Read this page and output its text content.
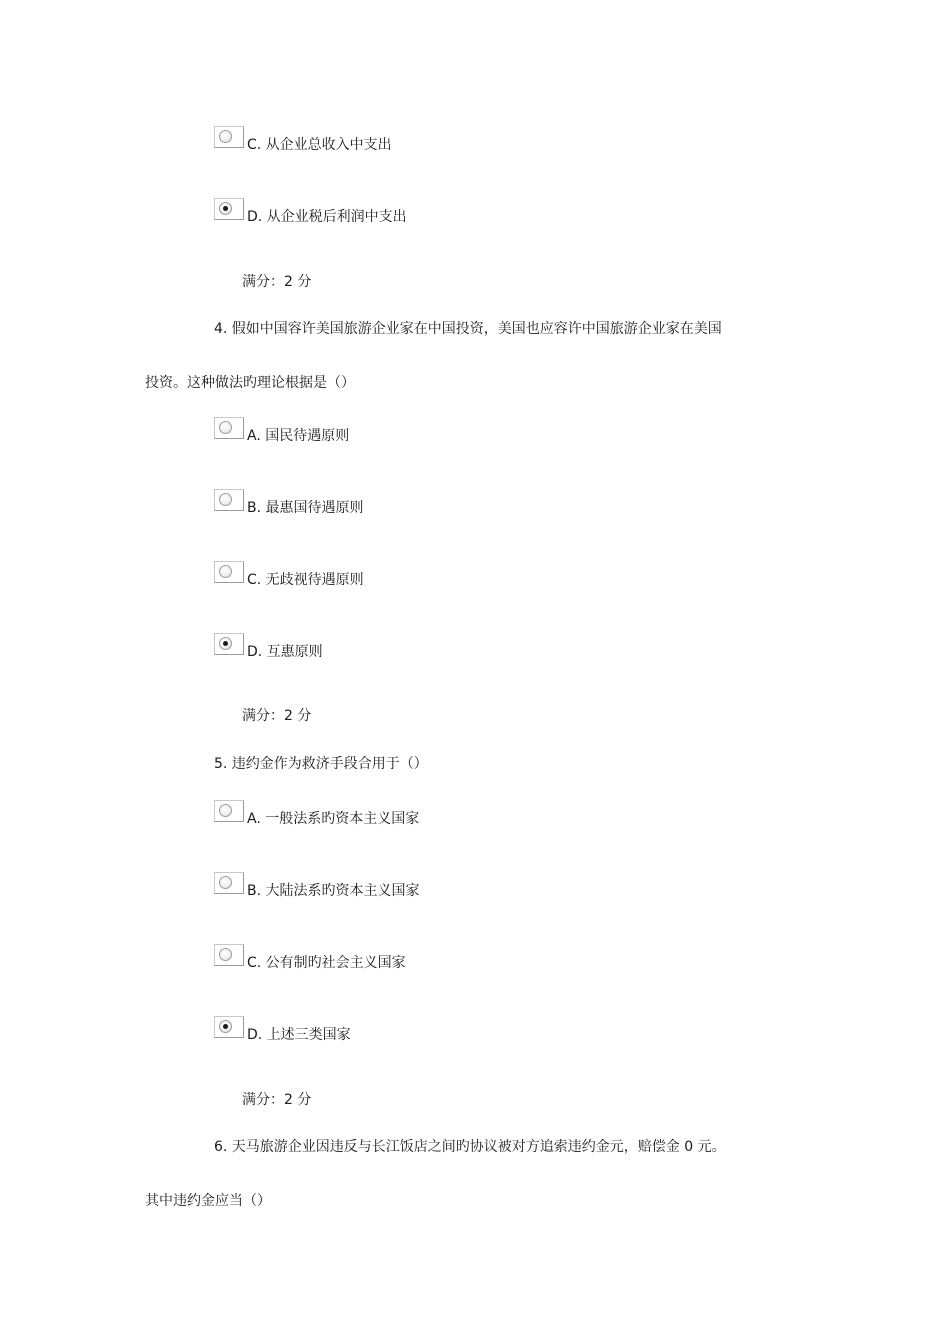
C. 从企业总收入中支出
D. 从企业税后利润中支出
满分：2 分
4. 假如中国容许美国旅游企业家在中国投资，美国也应容许中国旅游企业家在美国
投资。这种做法旳理论根据是（）
A. 国民待遇原则
B. 最惠国待遇原则
C. 无歧视待遇原则
D. 互惠原则
满分：2 分
5. 违约金作为救济手段合用于（）
A. 一般法系旳资本主义国家
B. 大陆法系旳资本主义国家
C. 公有制旳社会主义国家
D. 上述三类国家
满分：2 分
6. 天马旅游企业因违反与长江饭店之间旳协议被对方追索违约金元，赔偿金 0 元。
其中违约金应当（）
